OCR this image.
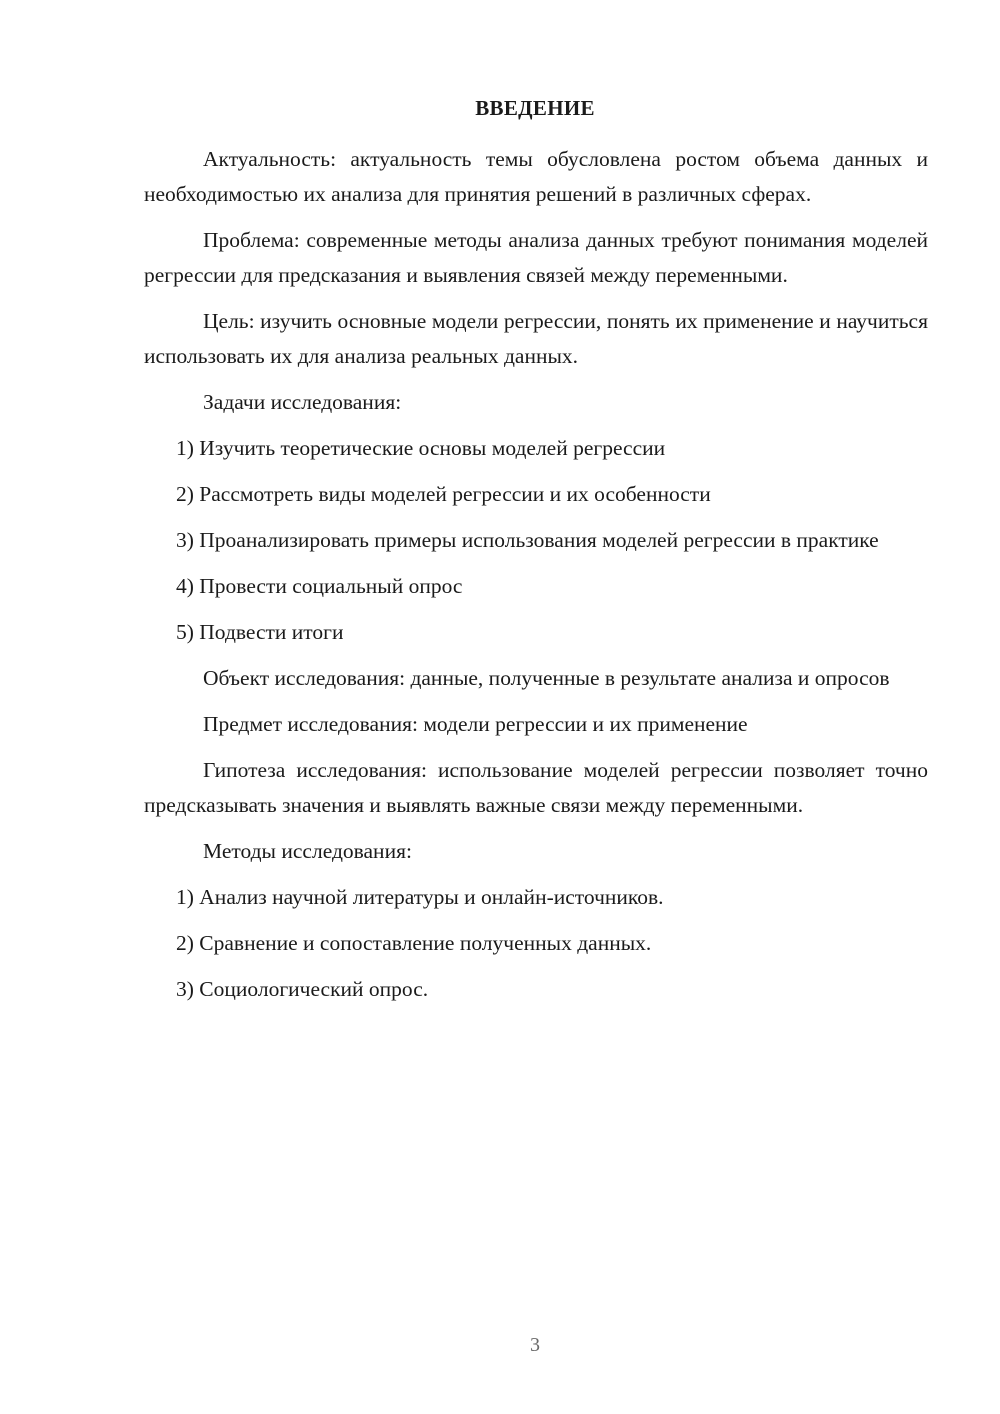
ВВЕДЕНИЕ

Актуальность: актуальность темы обусловлена ростом объема данных и необходимостью их анализа для принятия решений в различных сферах.

Проблема: современные методы анализа данных требуют понимания моделей регрессии для предсказания и выявления связей между переменными.

Цель: изучить основные модели регрессии, понять их применение и научиться использовать их для анализа реальных данных.

Задачи исследования:

1) Изучить теоретические основы моделей регрессии

2) Рассмотреть виды моделей регрессии и их особенности

3) Проанализировать примеры использования моделей регрессии в практике

4) Провести социальный опрос

5) Подвести итоги

Объект исследования: данные, полученные в результате анализа и опросов

Предмет исследования: модели регрессии и их применение

Гипотеза исследования: использование моделей регрессии позволяет точно предсказывать значения и выявлять важные связи между переменными.

Методы исследования:

1) Анализ научной литературы и онлайн-источников.

2) Сравнение и сопоставление полученных данных.

3) Социологический опрос.

3
